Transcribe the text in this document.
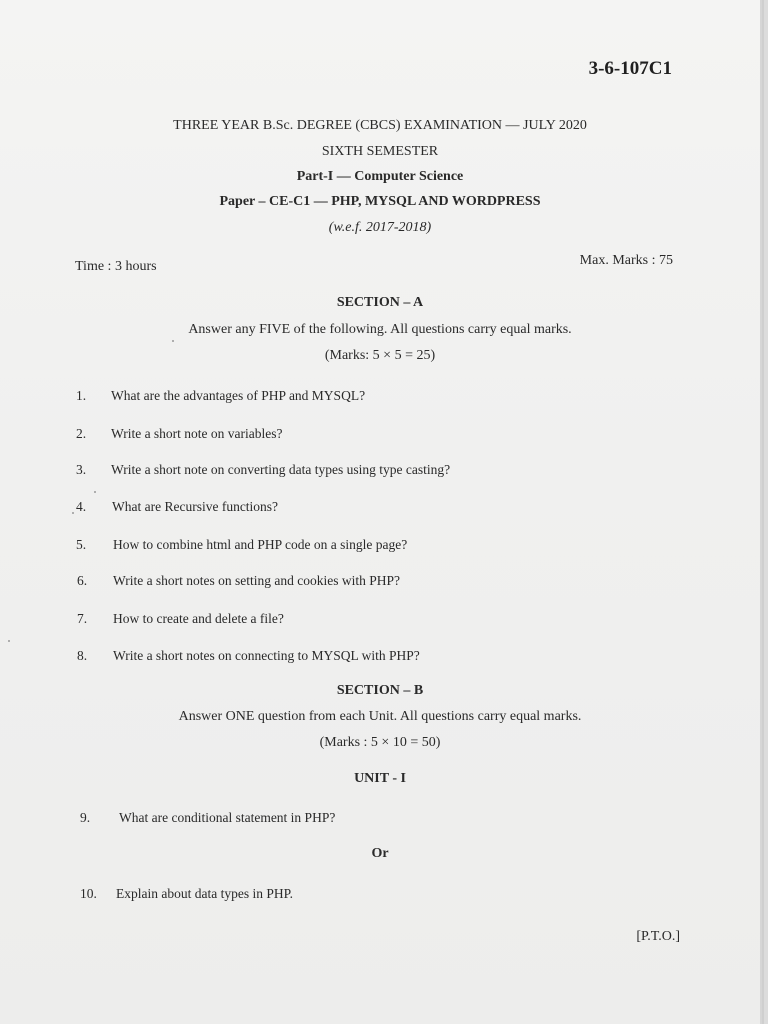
3-6-107C1
THREE YEAR B.Sc. DEGREE (CBCS) EXAMINATION — JULY 2020
SIXTH SEMESTER
Part-I — Computer Science
Paper – CE-C1 — PHP, MYSQL AND WORDPRESS
(w.e.f. 2017-2018)
Time : 3 hours	Max. Marks : 75
SECTION – A
Answer any FIVE of the following. All questions carry equal marks.
(Marks: 5 × 5 = 25)
1. What are the advantages of PHP and MYSQL?
2. Write a short note on variables?
3. Write a short note on converting data types using type casting?
4. What are Recursive functions?
5. How to combine html and PHP code on a single page?
6. Write a short notes on setting and cookies with PHP?
7. How to create and delete a file?
8. Write a short notes on connecting to MYSQL with PHP?
SECTION – B
Answer ONE question from each Unit. All questions carry equal marks.
(Marks : 5 × 10 = 50)
UNIT - I
9. What are conditional statement in PHP?
Or
10. Explain about data types in PHP.
[P.T.O.]
